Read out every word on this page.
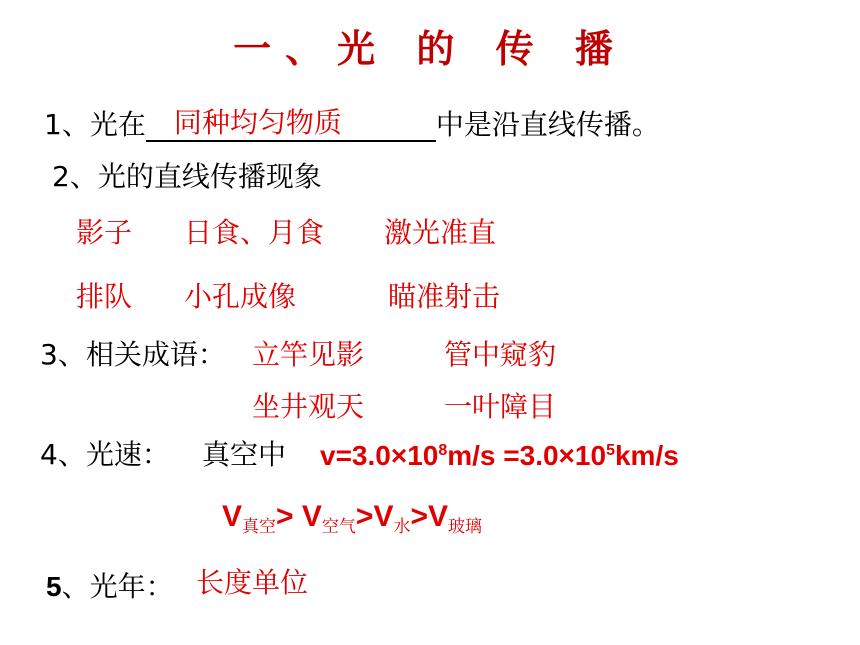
一、光 的 传 播
1、光在 同种均匀物质	中是沿直线传播。
2、光的直线传播现象
影子 日食、月食 激光准直
排队 小孔成像	瞄准射击
3、相关成语： 立竿见影	管中窥豹
坐井观天	一叶障目
4、光速： 真空中 $v=3.0\times 10^8m/s =3.0\times 10^5km/s$
$V_{真空}> V_{空气}>V_水>V_{玻璃}$
5、光年： 长度单位
